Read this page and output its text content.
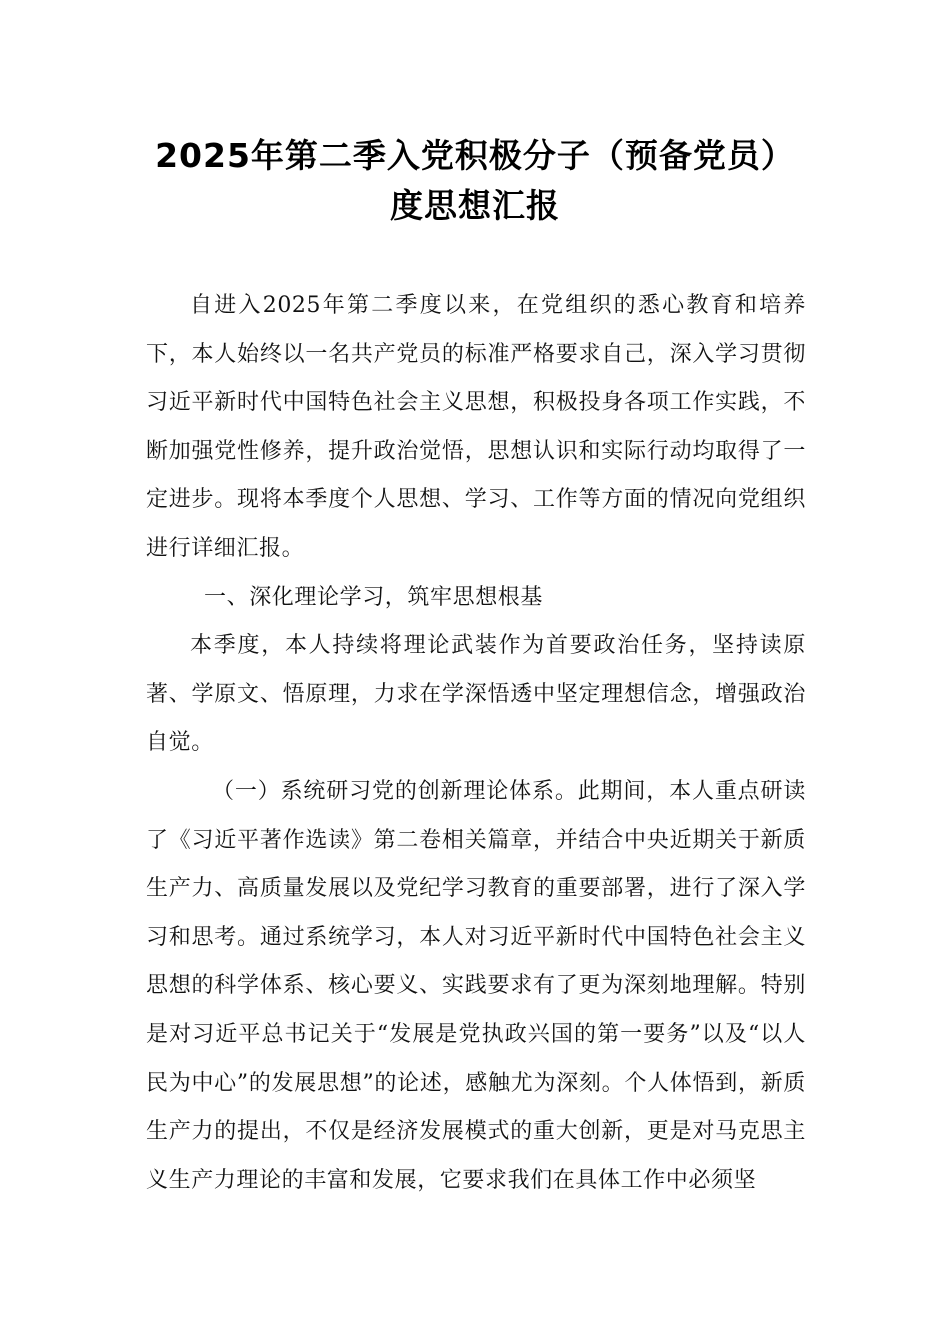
2025年第二季入党积极分子（预备党员）
度思想汇报

自进入2025年第二季度以来，在党组织的悉心教育和培养下，本人始终以一名共产党员的标准严格要求自己，深入学习贯彻习近平新时代中国特色社会主义思想，积极投身各项工作实践，不断加强党性修养，提升政治觉悟，思想认识和实际行动均取得了一定进步。现将本季度个人思想、学习、工作等方面的情况向党组织进行详细汇报。

一、深化理论学习，筑牢思想根基

本季度，本人持续将理论武装作为首要政治任务，坚持读原著、学原文、悟原理，力求在学深悟透中坚定理想信念，增强政治自觉。

（一）系统研习党的创新理论体系。此期间，本人重点研读了《习近平著作选读》第二卷相关篇章，并结合中央近期关于新质生产力、高质量发展以及党纪学习教育的重要部署，进行了深入学习和思考。通过系统学习，本人对习近平新时代中国特色社会主义思想的科学体系、核心要义、实践要求有了更为深刻地理解。特别是对习近平总书记关于“发展是党执政兴国的第一要务”以及“以人民为中心”的发展思想”的论述，感触尤为深刻。个人体悟到，新质生产力的提出，不仅是经济发展模式的重大创新，更是对马克思主义生产力理论的丰富和发展，它要求我们在具体工作中必须坚
